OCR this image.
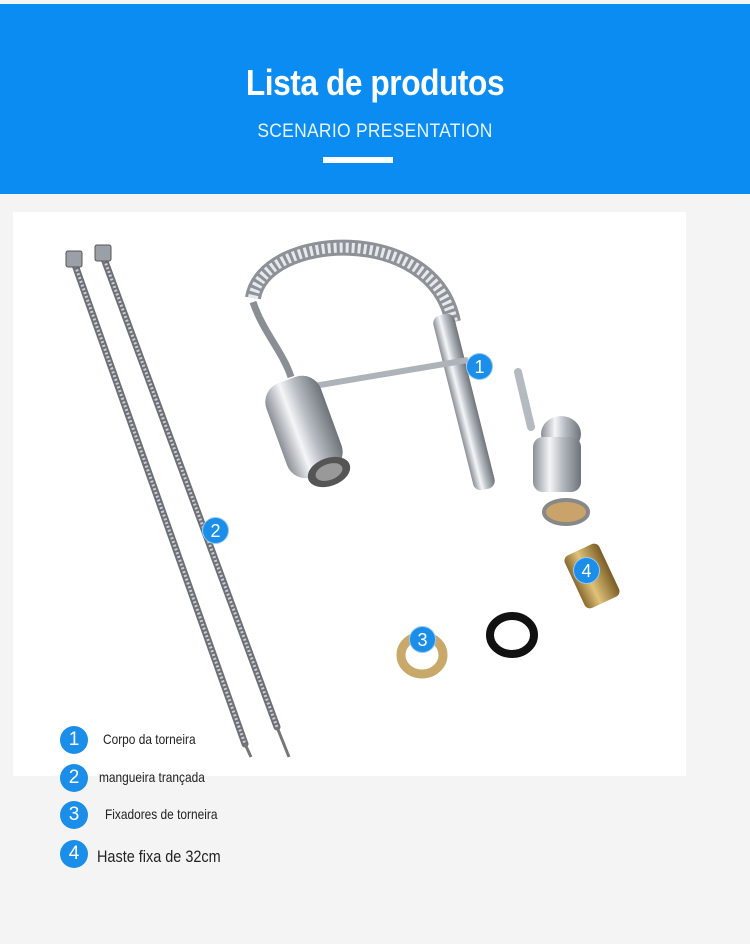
Lista de produtos
SCENARIO PRESENTATION
1
2
3
4
1	Corpo da torneira
2	mangueira trançada
3	Fixadores de torneira
4	Haste fixa de 32cm
